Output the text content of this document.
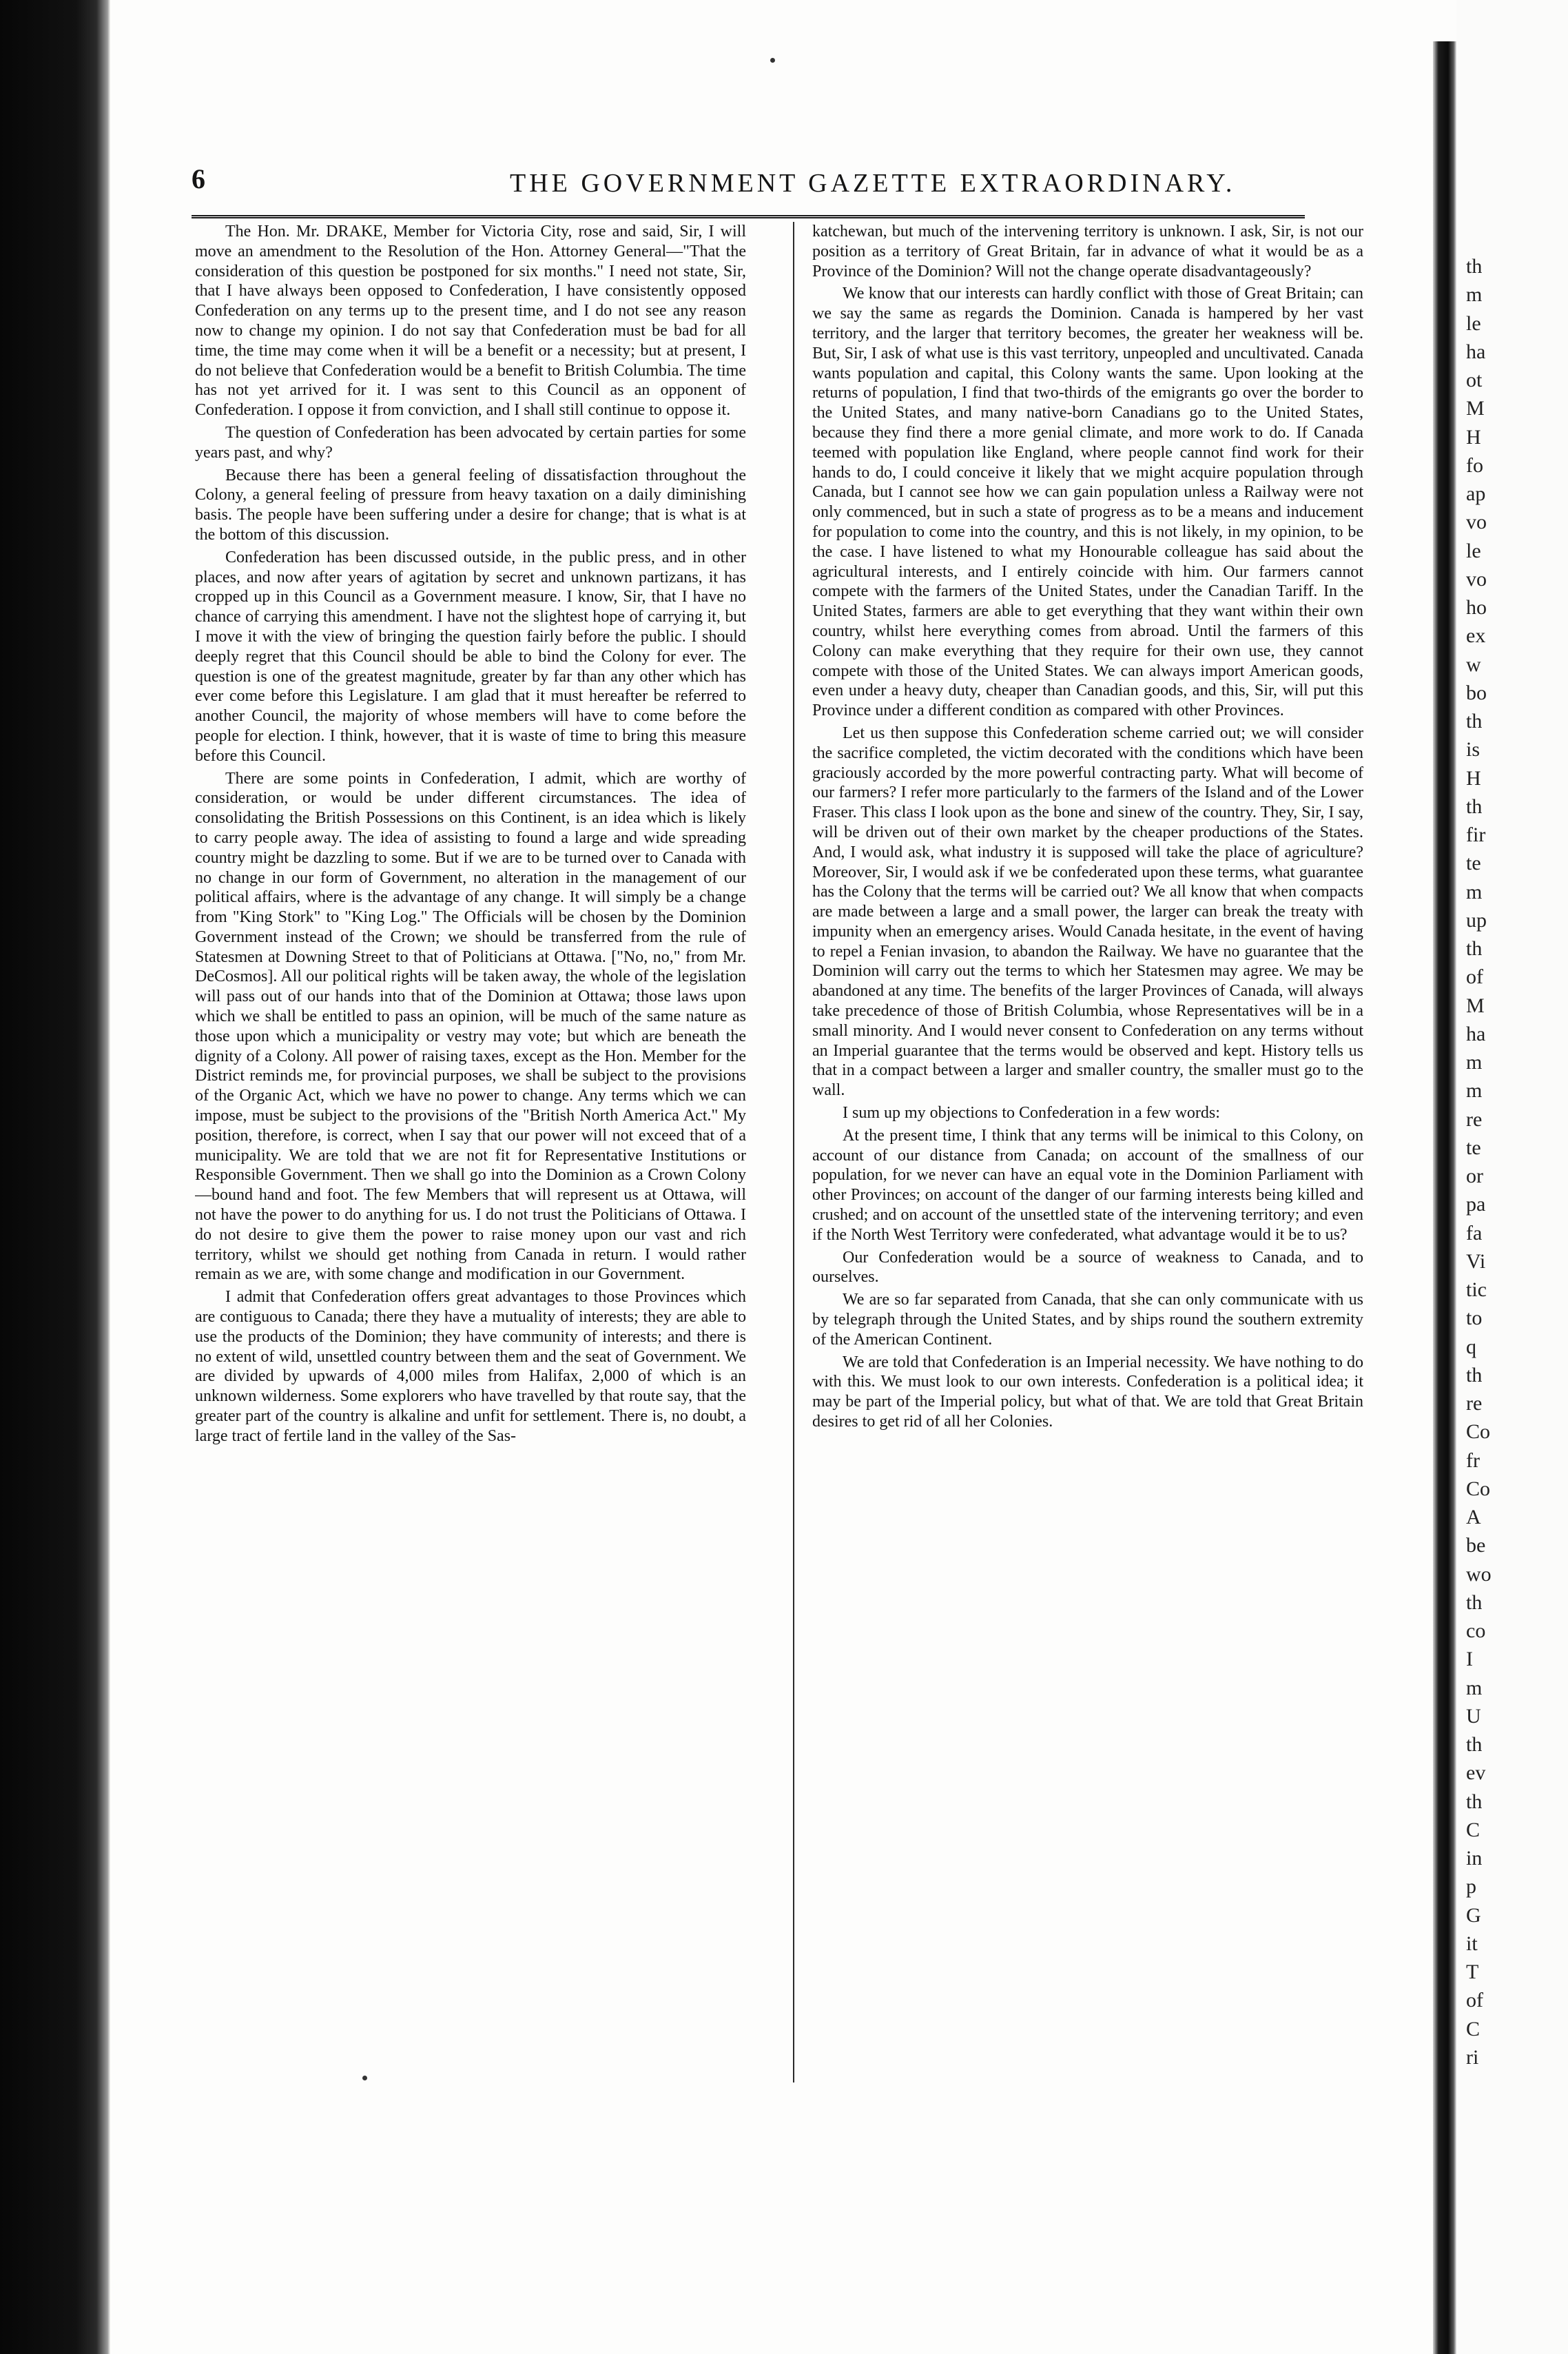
6	THE GOVERNMENT GAZETTE EXTRAORDINARY.

The Hon. Mr. DRAKE, Member for Victoria City, rose and said, Sir, I will move an amendment to the Resolution of the Hon. Attorney General—"That the consideration of this question be postponed for six months." I need not state, Sir, that I have always been opposed to Confederation, I have consistently opposed Confederation on any terms up to the present time, and I do not see any reason now to change my opinion. I do not say that Confederation must be bad for all time, the time may come when it will be a benefit or a necessity; but at present, I do not believe that Confederation would be a benefit to British Columbia. The time has not yet arrived for it. I was sent to this Council as an opponent of Confederation. I oppose it from conviction, and I shall still continue to oppose it.

The question of Confederation has been advocated by certain parties for some years past, and why?

Because there has been a general feeling of dissatisfaction throughout the Colony, a general feeling of pressure from heavy taxation on a daily diminishing basis. The people have been suffering under a desire for change; that is what is at the bottom of this discussion.

Confederation has been discussed outside, in the public press, and in other places, and now after years of agitation by secret and unknown partizans, it has cropped up in this Council as a Government measure. I know, Sir, that I have no chance of carrying this amendment. I have not the slightest hope of carrying it, but I move it with the view of bringing the question fairly before the public. I should deeply regret that this Council should be able to bind the Colony for ever. The question is one of the greatest magnitude, greater by far than any other which has ever come before this Legislature. I am glad that it must hereafter be referred to another Council, the majority of whose members will have to come before the people for election. I think, however, that it is waste of time to bring this measure before this Council.

There are some points in Confederation, I admit, which are worthy of consideration, or would be under different circumstances. The idea of consolidating the British Possessions on this Continent, is an idea which is likely to carry people away. The idea of assisting to found a large and wide spreading country might be dazzling to some. But if we are to be turned over to Canada with no change in our form of Government, no alteration in the management of our political affairs, where is the advantage of any change. It will simply be a change from "King Stork" to "King Log." The Officials will be chosen by the Dominion Government instead of the Crown; we should be transferred from the rule of Statesmen at Downing Street to that of Politicians at Ottawa. ["No, no," from Mr. DeCosmos]. All our political rights will be taken away, the whole of the legislation will pass out of our hands into that of the Dominion at Ottawa; those laws upon which we shall be entitled to pass an opinion, will be much of the same nature as those upon which a municipality or vestry may vote; but which are beneath the dignity of a Colony. All power of raising taxes, except as the Hon. Member for the District reminds me, for provincial purposes, we shall be subject to the provisions of the Organic Act, which we have no power to change. Any terms which we can impose, must be subject to the provisions of the "British North America Act." My position, therefore, is correct, when I say that our power will not exceed that of a municipality. We are told that we are not fit for Representative Institutions or Responsible Government. Then we shall go into the Dominion as a Crown Colony—bound hand and foot. The few Members that will represent us at Ottawa, will not have the power to do anything for us. I do not trust the Politicians of Ottawa. I do not desire to give them the power to raise money upon our vast and rich territory, whilst we should get nothing from Canada in return. I would rather remain as we are, with some change and modification in our Government.

I admit that Confederation offers great advantages to those Provinces which are contiguous to Canada; there they have a mutuality of interests; they are able to use the products of the Dominion; they have community of interests; and there is no extent of wild, unsettled country between them and the seat of Government. We are divided by upwards of 4,000 miles from Halifax, 2,000 of which is an unknown wilderness. Some explorers who have travelled by that route say, that the greater part of the country is alkaline and unfit for settlement. There is, no doubt, a large tract of fertile land in the valley of the Sas-

katchewan, but much of the intervening territory is unknown. I ask, Sir, is not our position as a territory of Great Britain, far in advance of what it would be as a Province of the Dominion? Will not the change operate disadvantageously?

We know that our interests can hardly conflict with those of Great Britain; can we say the same as regards the Dominion. Canada is hampered by her vast territory, and the larger that territory becomes, the greater her weakness will be. But, Sir, I ask of what use is this vast territory, unpeopled and uncultivated. Canada wants population and capital, this Colony wants the same. Upon looking at the returns of population, I find that two-thirds of the emigrants go over the border to the United States, and many native-born Canadians go to the United States, because they find there a more genial climate, and more work to do. If Canada teemed with population like England, where people cannot find work for their hands to do, I could conceive it likely that we might acquire population through Canada, but I cannot see how we can gain population unless a Railway were not only commenced, but in such a state of progress as to be a means and inducement for population to come into the country, and this is not likely, in my opinion, to be the case. I have listened to what my Honourable colleague has said about the agricultural interests, and I entirely coincide with him. Our farmers cannot compete with the farmers of the United States, under the Canadian Tariff. In the United States, farmers are able to get everything that they want within their own country, whilst here everything comes from abroad. Until the farmers of this Colony can make everything that they require for their own use, they cannot compete with those of the United States. We can always import American goods, even under a heavy duty, cheaper than Canadian goods, and this, Sir, will put this Province under a different condition as compared with other Provinces.

Let us then suppose this Confederation scheme carried out; we will consider the sacrifice completed, the victim decorated with the conditions which have been graciously accorded by the more powerful contracting party. What will become of our farmers? I refer more particularly to the farmers of the Island and of the Lower Fraser. This class I look upon as the bone and sinew of the country. They, Sir, I say, will be driven out of their own market by the cheaper productions of the States. And, I would ask, what industry it is supposed will take the place of agriculture? Moreover, Sir, I would ask if we be confederated upon these terms, what guarantee has the Colony that the terms will be carried out? We all know that when compacts are made between a large and a small power, the larger can break the treaty with impunity when an emergency arises. Would Canada hesitate, in the event of having to repel a Fenian invasion, to abandon the Railway. We have no guarantee that the Dominion will carry out the terms to which her Statesmen may agree. We may be abandoned at any time. The benefits of the larger Provinces of Canada, will always take precedence of those of British Columbia, whose Representatives will be in a small minority. And I would never consent to Confederation on any terms without an Imperial guarantee that the terms would be observed and kept. History tells us that in a compact between a larger and smaller country, the smaller must go to the wall.

I sum up my objections to Confederation in a few words:

At the present time, I think that any terms will be inimical to this Colony, on account of our distance from Canada; on account of the smallness of our population, for we never can have an equal vote in the Dominion Parliament with other Provinces; on account of the danger of our farming interests being killed and crushed; and on account of the unsettled state of the intervening territory; and even if the North West Territory were confederated, what advantage would it be to us?

Our Confederation would be a source of weakness to Canada, and to ourselves.

We are so far separated from Canada, that she can only communicate with us by telegraph through the United States, and by ships round the southern extremity of the American Continent.

We are told that Confederation is an Imperial necessity. We have nothing to do with this. We must look to our own interests. Confederation is a political idea; it may be part of the Imperial policy, but what of that. We are told that Great Britain desires to get rid of all her Colonies.

th
m
le
ha
ot
M
H
fo
ap
vo
le
vo
ho
ex
w
bo
th
is
H
th
fir
te
m
up
th
of
M
ha
m
m
re
te
or
pa
fa
Vi
tic
to
q
th
re
Co
fr
Co
A
be
wo
th
co
I
m
U
th
ev
th
C
in
p
G
it
T
of
C
ri
